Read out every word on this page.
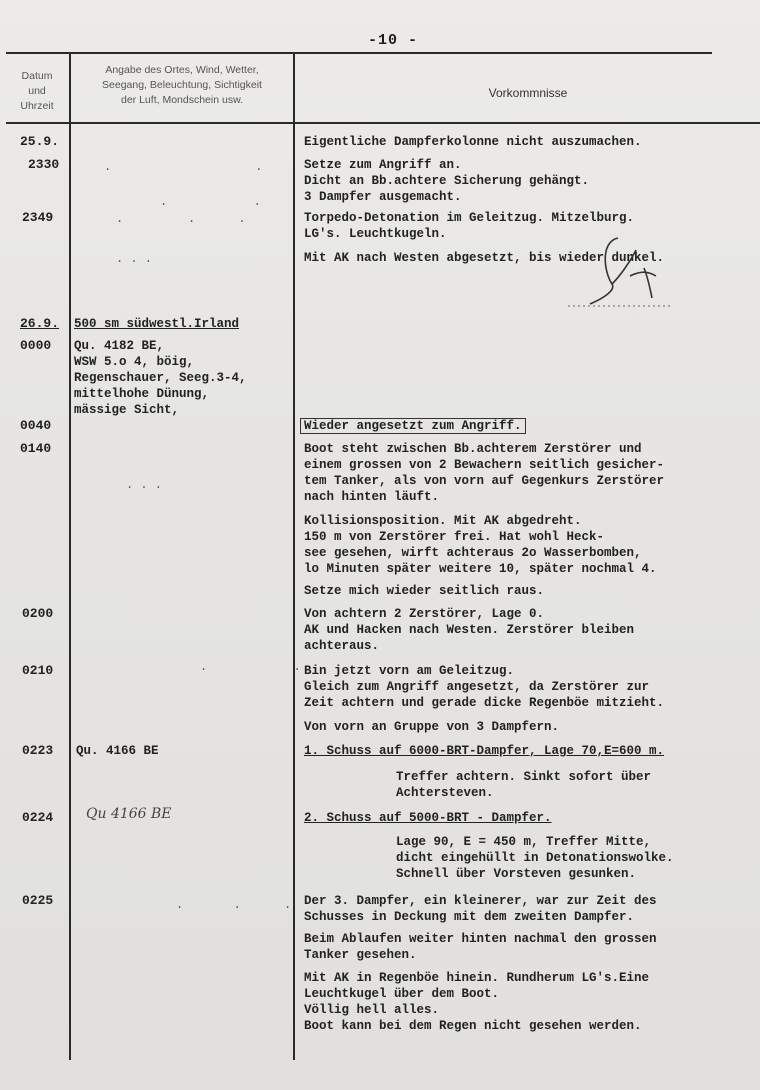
-10 -
Datum
und
Uhrzeit
Angabe des Ortes, Wind, Wetter,
Seegang, Beleuchtung, Sichtigkeit
der Luft, Mondschein usw.	Vorkommnisse
25.9.
2330
2349
26.9.
0000
0040
0140
0200
0210
0223
0224
0225
500 sm südwestl.Irland
Qu. 4182 BE,
WSW 5.o 4, böig,
Regenschauer, Seeg.3-4,
mittelhohe Dünung,
mässige Sicht,
Qu. 4166 BE
Qu 4166 BE
.                    .
.            .
.         .      .
. . .
. . .
.            .
.       .      .
Eigentliche Dampferkolonne nicht auszumachen.
Setze zum Angriff an.
Dicht an Bb.achtere Sicherung gehängt.
3 Dampfer ausgemacht.
Torpedo-Detonation im Geleitzug. Mitzelburg.
LG's. Leuchtkugeln.
Mit AK nach Westen abgesetzt, bis wieder dunkel.
Wieder angesetzt zum Angriff.
Boot steht zwischen Bb.achterem Zerstörer und
einem grossen von 2 Bewachern seitlich gesicher-
tem Tanker, als von vorn auf Gegenkurs Zerstörer
nach hinten läuft.
Kollisionsposition. Mit AK abgedreht.
150 m von Zerstörer frei. Hat wohl Heck-
see gesehen, wirft achteraus 2o Wasserbomben,
lo Minuten später weitere 10, später nochmal 4.
Setze mich wieder seitlich raus.
Von achtern 2 Zerstörer, Lage 0.
AK und Hacken nach Westen. Zerstörer bleiben
achteraus.
Bin jetzt vorn am Geleitzug.
Gleich zum Angriff angesetzt, da Zerstörer zur
Zeit achtern und gerade dicke Regenböe mitzieht.
Von vorn an Gruppe von 3 Dampfern.
1. Schuss auf 6000-BRT-Dampfer, Lage 70,E=600 m.
Treffer achtern. Sinkt sofort über
Achtersteven.
2. Schuss auf 5000-BRT - Dampfer.
Lage 90, E = 450 m, Treffer Mitte,
dicht eingehüllt in Detonationswolke.
Schnell über Vorsteven gesunken.
Der 3. Dampfer, ein kleinerer, war zur Zeit des
Schusses in Deckung mit dem zweiten Dampfer.
Beim Ablaufen weiter hinten nachmal den grossen
Tanker gesehen.
Mit AK in Regenböe hinein. Rundherum LG's.Eine
Leuchtkugel über dem Boot.
Völlig hell alles.
Boot kann bei dem Regen nicht gesehen werden.
